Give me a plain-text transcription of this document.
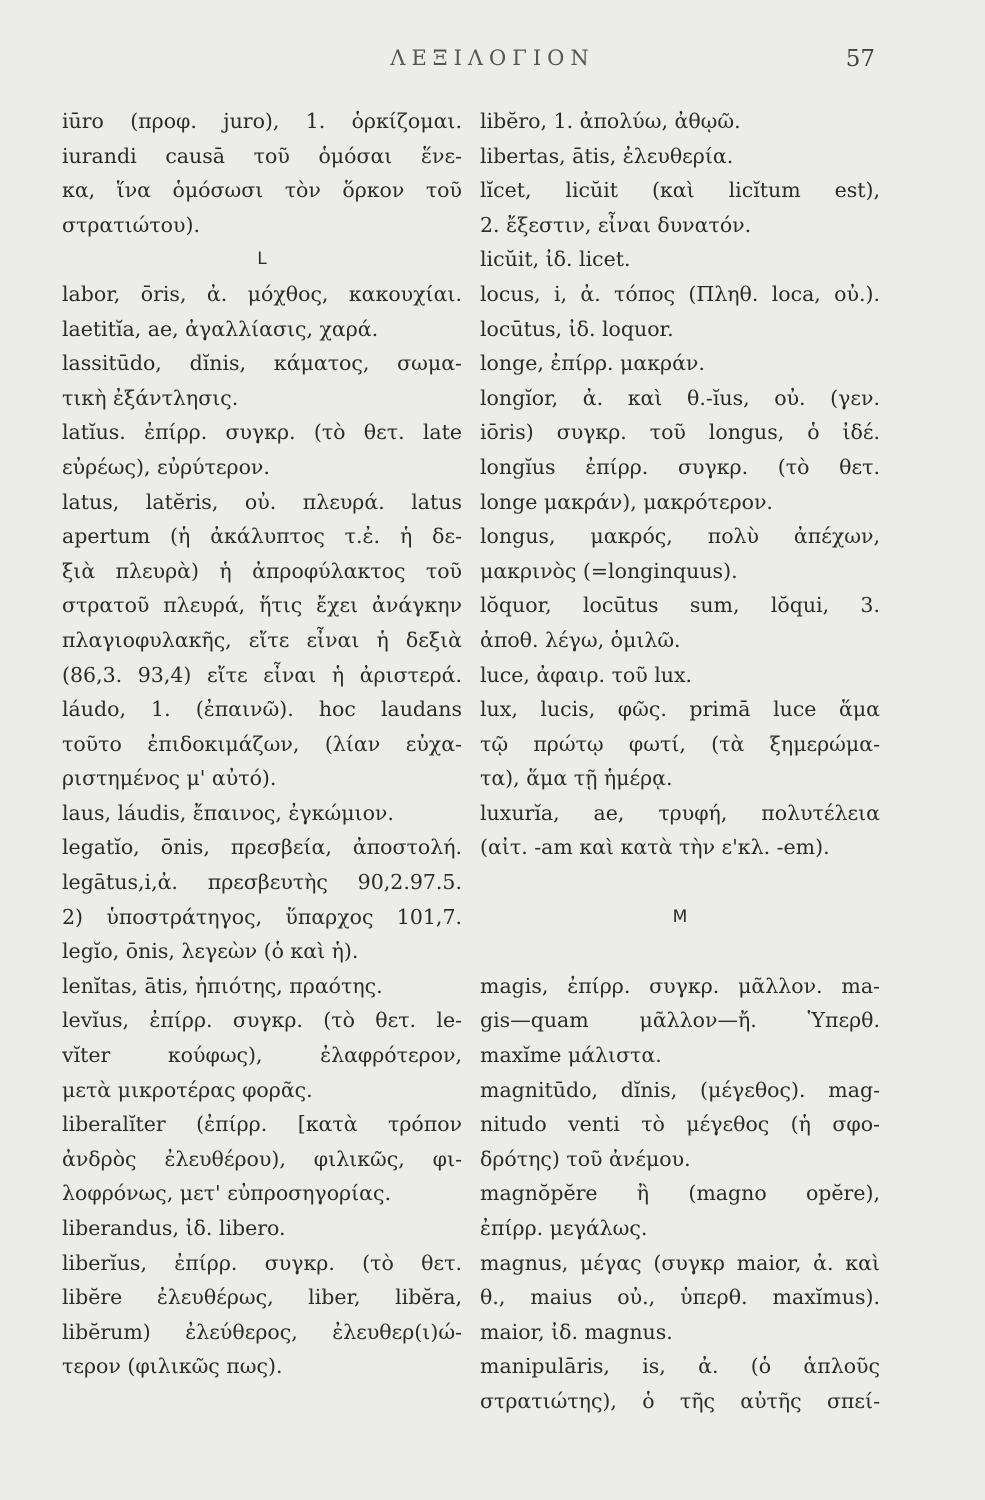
ΛΕΞΙΛΟΓΙΟΝ	57
iūro (προφ. juro), 1. ὁρκίζομαι.
iurandi causā τοῦ ὁμόσαι ἕνε-
κα, ἵνα ὁμόσωσι τὸν ὅρκον τοῦ
στρατιώτου).
L
labor, ōris, ἀ. μόχθος, κακουχίαι.
laetitĭa, ae, ἀγαλλίασις, χαρά.
lassitūdo, dĭnis, κάματος, σωμα-
τικὴ ἐξάντλησις.
latĭus. ἐπίρρ. συγκρ. (τὸ θετ. late
εὐρέως), εὐρύτερον.
latus, latĕris, οὐ. πλευρά. latus
apertum (ἡ ἀκάλυπτος τ.ἐ. ἡ δε-
ξιὰ πλευρὰ) ἡ ἀπροφύλακτος τοῦ
στρατοῦ πλευρά, ἥτις ἔχει ἀνάγκην
πλαγιοφυλακῆς, εἴτε εἶναι ἡ δεξιὰ
(86,3. 93,4) εἴτε εἶναι ἡ ἀριστερά.
láudo, 1. (ἐπαινῶ). hoc laudans
τοῦτο ἐπιδοκιμάζων, (λίαν εὐχα-
ριστημένος μ' αὐτό).
laus, láudis, ἔπαινος, ἐγκώμιον.
legatĭo, ōnis, πρεσβεία, ἀποστολή.
legātus,i,ἀ. πρεσβευτὴς 90,2.97.5.
2) ὑποστράτηγος, ὕπαρχος 101,7.
legĭo, ōnis, λεγεὼν (ὁ καὶ ἡ).
lenĭtas, ātis, ἠπιότης, πραότης.
levĭus, ἐπίρρ. συγκρ. (τὸ θετ. le-
vĭter κούφως), ἐλαφρότερον,
μετὰ μικροτέρας φορᾶς.
liberalĭter (ἐπίρρ. [κατὰ τρόπον
ἀνδρὸς ἐλευθέρου), φιλικῶς, φι-
λοφρόνως, μετ' εὐπροσηγορίας.
liberandus, ἰδ. libero.
liberĭus, ἐπίρρ. συγκρ. (τὸ θετ.
libĕre ἐλευθέρως, liber, libĕra,
libĕrum) ἐλεύθερος, ἐλευθερ(ι)ώ-
τερον (φιλικῶς πως).
libĕro, 1. ἀπολύω, ἀθῳῶ.
libertas, ātis, ἐλευθερία.
lĭcet, licŭit (καὶ licĭtum est),
2. ἔξεστιν, εἶναι δυνατόν.
licŭit, ἰδ. licet.
locus, i, ἀ. τόπος (Πληθ. loca, οὐ.).
locūtus, ἰδ. loquor.
longe, ἐπίρρ. μακράν.
longĭor, ἀ. καὶ θ.-ĭus, οὐ. (γεν.
iōris) συγκρ. τοῦ longus, ὁ ἰδέ.
longĭus ἐπίρρ. συγκρ. (τὸ θετ.
longe μακράν), μακρότερον.
longus, μακρός, πολὺ ἀπέχων,
μακρινὸς (=longinquus).
lŏquor, locūtus sum, lŏqui, 3.
ἀποθ. λέγω, ὁμιλῶ.
luce, ἀφαιρ. τοῦ lux.
lux, lucis, φῶς. primā luce ἅμα
τῷ πρώτῳ φωτί, (τὰ ξημερώμα-
τα), ἅμα τῇ ἡμέρᾳ.
luxurĭa, ae, τρυφή, πολυτέλεια
(αἰτ. -am καὶ κατὰ τὴν ε'κλ. -em).
M
magis, ἐπίρρ. συγκρ. μᾶλλον. ma-
gis—quam μᾶλλον—ἤ. Ὑπερθ.
maxĭme μάλιστα.
magnitūdo, dĭnis, (μέγεθος). mag-
nitudo venti τὸ μέγεθος (ἡ σφο-
δρότης) τοῦ ἀνέμου.
magnŏpĕre ἢ (magno opĕre),
ἐπίρρ. μεγάλως.
magnus, μέγας (συγκρ maior, ἀ. καὶ
θ., maius οὐ., ὑπερθ. maxĭmus).
maior, ἰδ. magnus.
manipulāris, is, ἀ. (ὁ ἁπλοῦς
στρατιώτης), ὁ τῆς αὐτῆς σπεί-
